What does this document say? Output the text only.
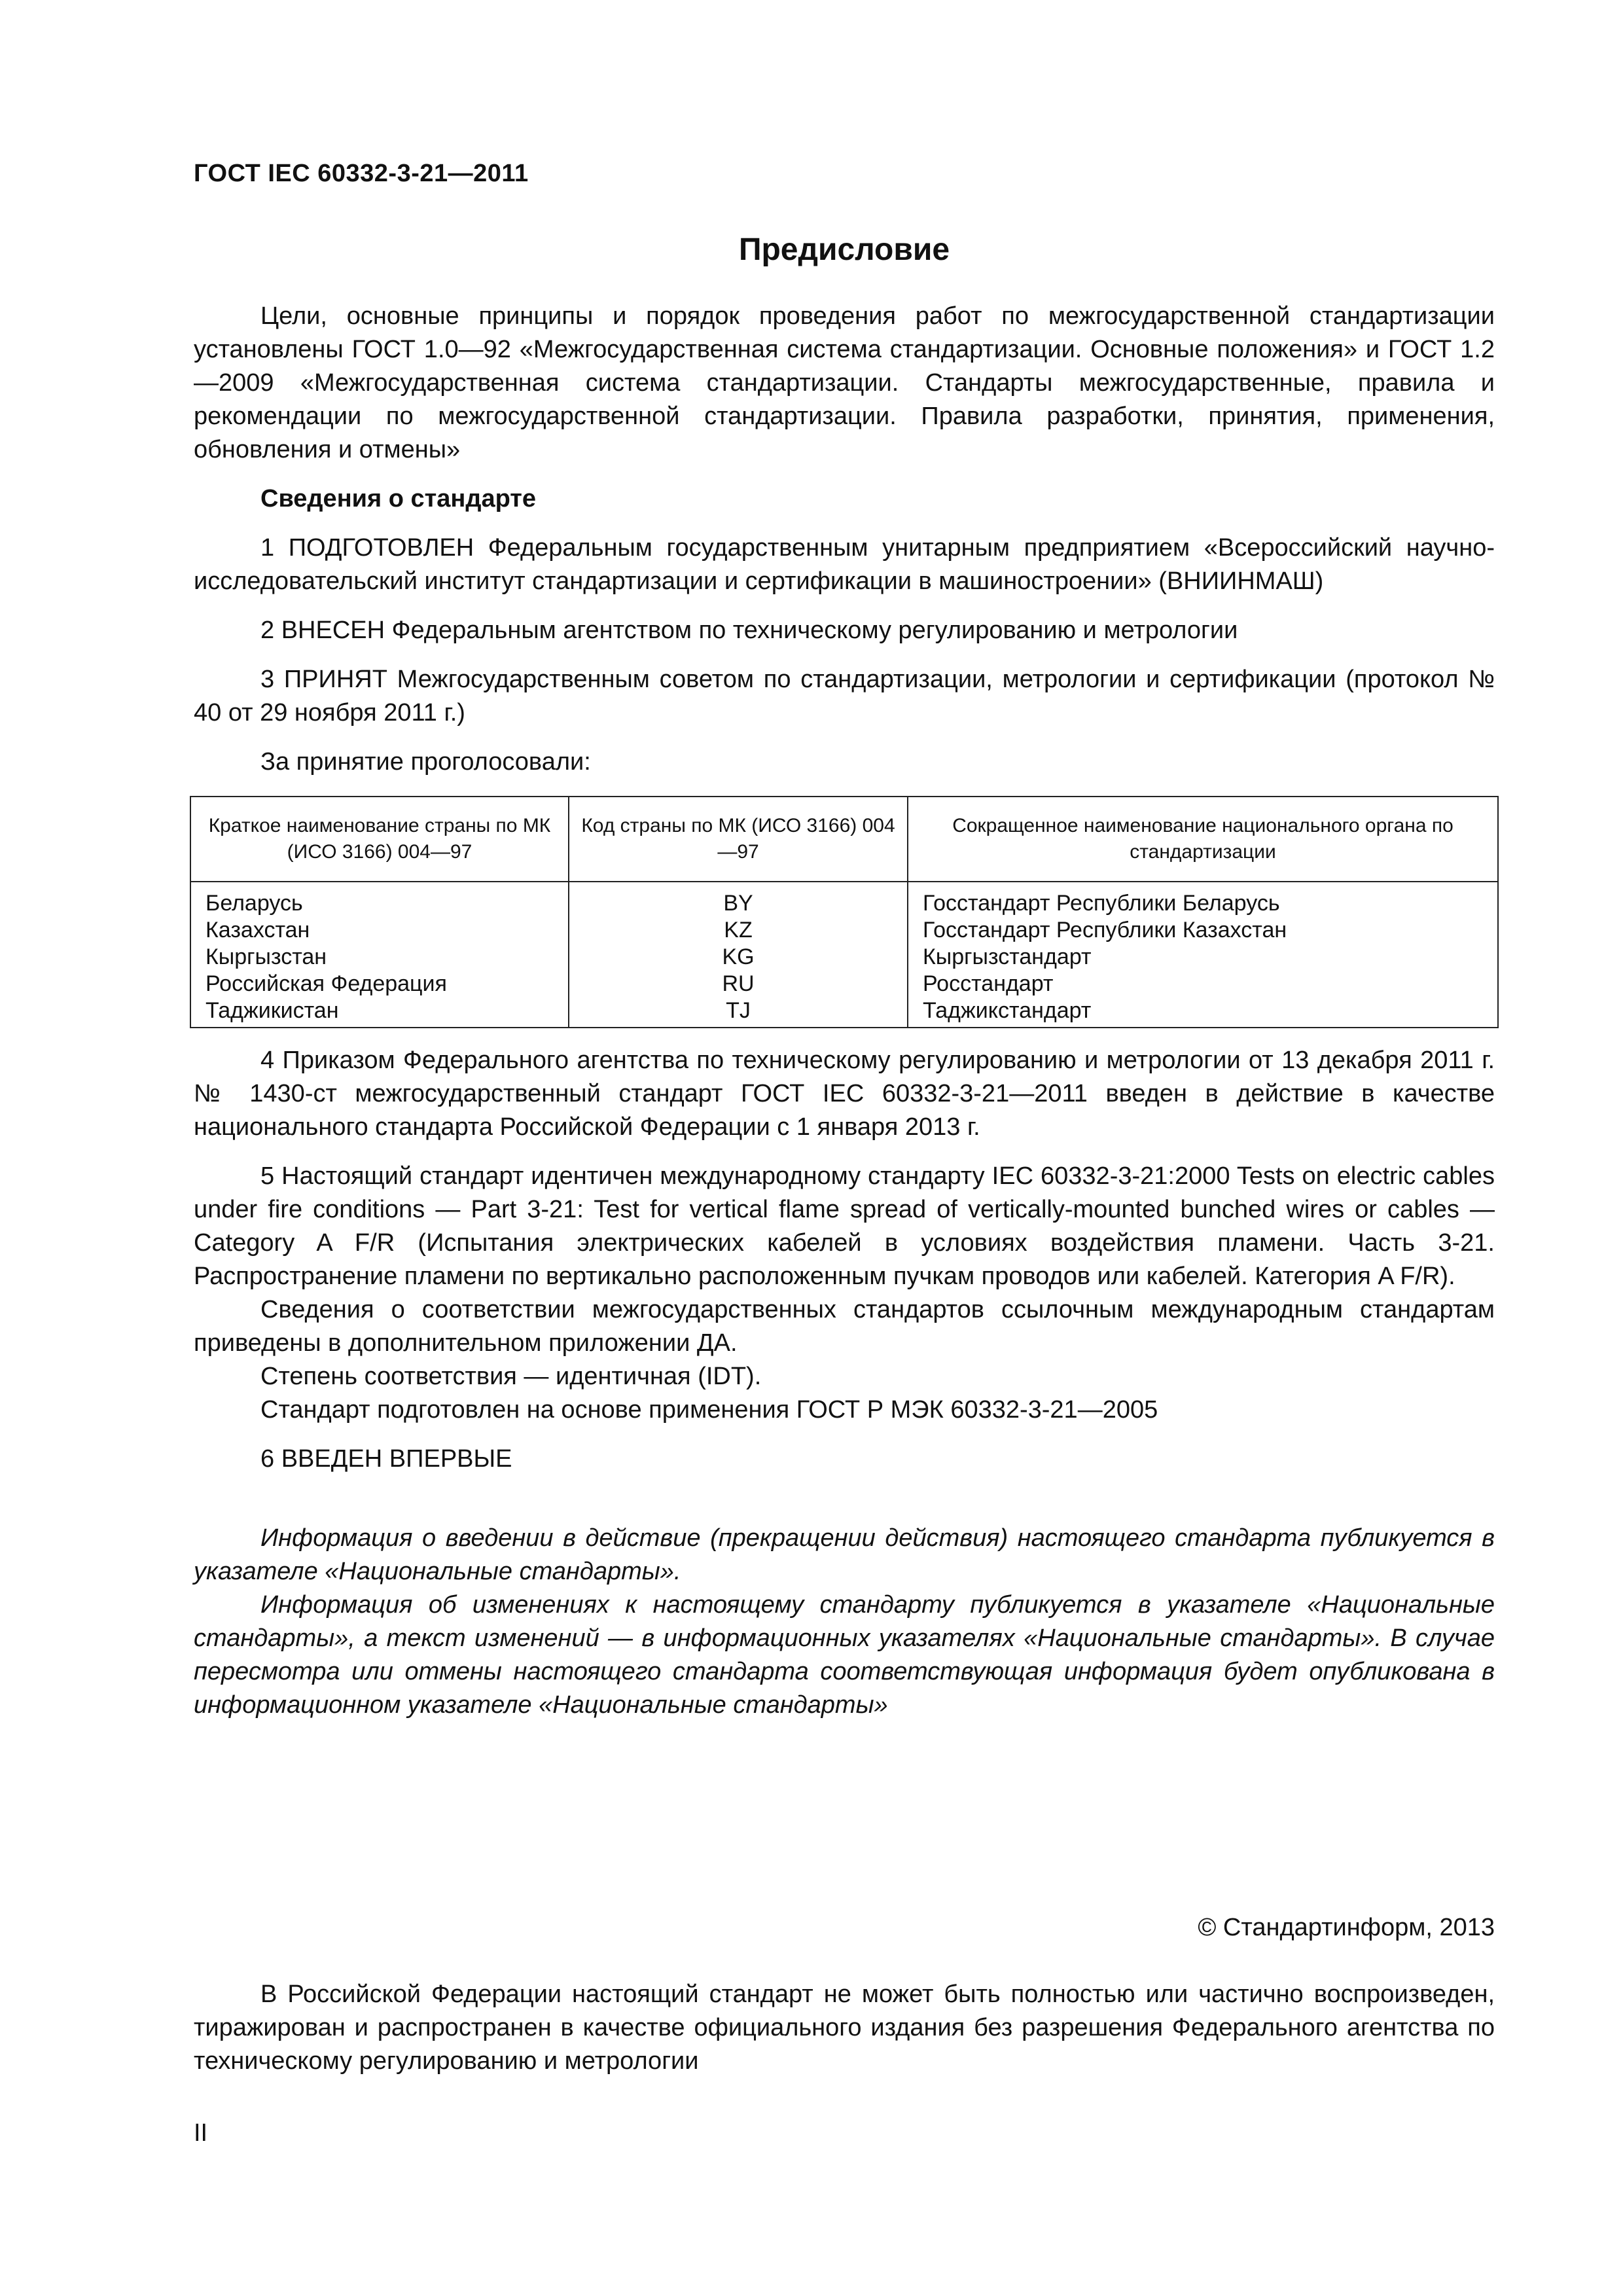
ГОСТ IEC 60332-3-21—2011
Предисловие

Цели, основные принципы и порядок проведения работ по межгосударственной стандартизации установлены ГОСТ 1.0—92 «Межгосударственная система стандартизации. Основные положения» и ГОСТ 1.2—2009 «Межгосударственная система стандартизации. Стандарты межгосударственные, правила и рекомендации по межгосударственной стандартизации. Правила разработки, принятия, применения, обновления и отмены»

Сведения о стандарте

1 ПОДГОТОВЛЕН Федеральным государственным унитарным предприятием «Всероссийский научно-исследовательский институт стандартизации и сертификации в машиностроении» (ВНИИНМАШ)

2 ВНЕСЕН Федеральным агентством по техническому регулированию и метрологии

3 ПРИНЯТ Межгосударственным советом по стандартизации, метрологии и сертификации (протокол № 40 от 29 ноября 2011 г.)

За принятие проголосовали:
Краткое наименование страны по МК (ИСО 3166) 004—97	Код страны по МК (ИСО 3166) 004—97	Сокращенное наименование национального органа по стандартизации
Беларусь	BY	Госстандарт Республики Беларусь
Казахстан	KZ	Госстандарт Республики Казахстан
Кыргызстан	KG	Кыргызстандарт
Российская Федерация	RU	Росстандарт
Таджикистан	TJ	Таджикстандарт

4 Приказом Федерального агентства по техническому регулированию и метрологии от 13 декабря 2011 г. № 1430-ст межгосударственный стандарт ГОСТ IEC 60332-3-21—2011 введен в действие в качестве национального стандарта Российской Федерации с 1 января 2013 г.

5 Настоящий стандарт идентичен международному стандарту IEC 60332-3-21:2000 Tests on electric cables under fire conditions — Part 3-21: Test for vertical flame spread of vertically-mounted bunched wires or cables — Category A F/R (Испытания электрических кабелей в условиях воздействия пламени. Часть 3-21. Распространение пламени по вертикально расположенным пучкам проводов или кабелей. Категория A F/R).

Сведения о соответствии межгосударственных стандартов ссылочным международным стандартам приведены в дополнительном приложении ДА.

Степень соответствия — идентичная (IDT).

Стандарт подготовлен на основе применения ГОСТ Р МЭК 60332-3-21—2005

6 ВВЕДЕН ВПЕРВЫЕ

Информация о введении в действие (прекращении действия) настоящего стандарта публикуется в указателе «Национальные стандарты».

Информация об изменениях к настоящему стандарту публикуется в указателе «Национальные стандарты», а текст изменений — в информационных указателях «Национальные стандарты». В случае пересмотра или отмены настоящего стандарта соответствующая информация будет опубликована в информационном указателе «Национальные стандарты»

© Стандартинформ, 2013

В Российской Федерации настоящий стандарт не может быть полностью или частично воспроизведен, тиражирован и распространен в качестве официального издания без разрешения Федерального агентства по техническому регулированию и метрологии

II
